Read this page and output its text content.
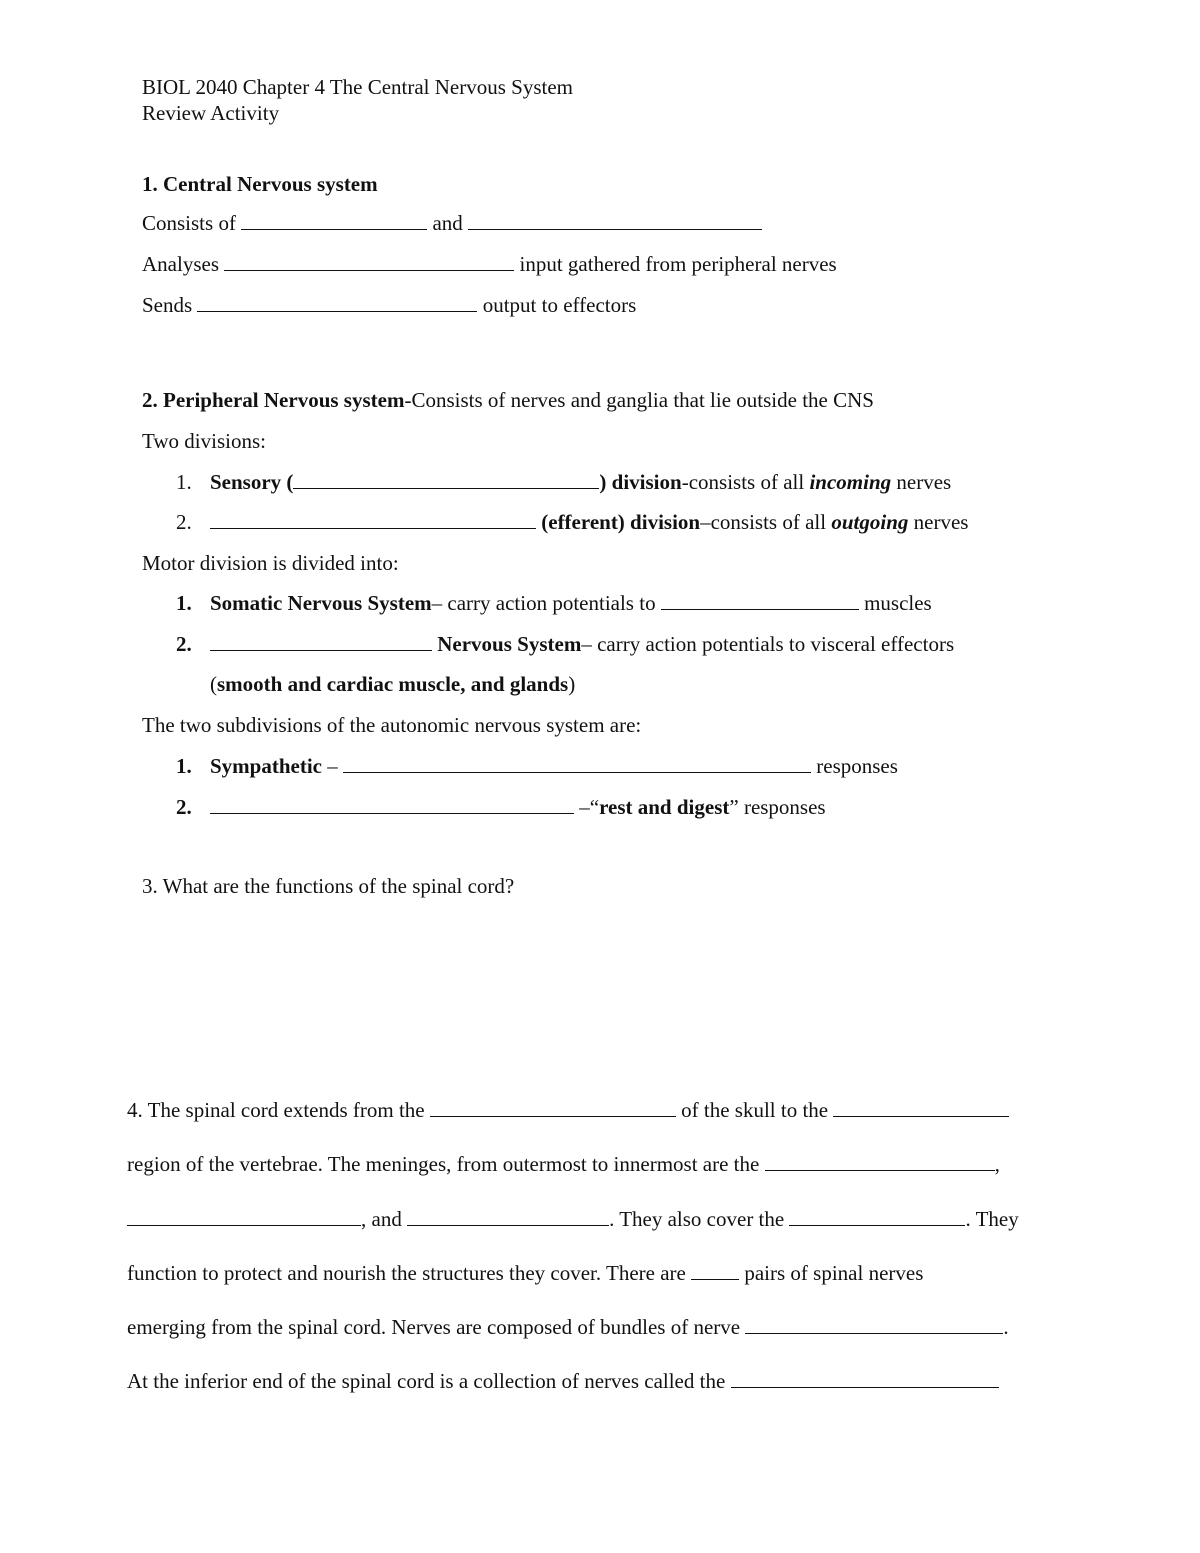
BIOL 2040 Chapter 4 The Central Nervous System
Review Activity
1. Central Nervous system
Consists of	and
Analyses	input gathered from peripheral nerves
Sends	output to effectors
2. Peripheral Nervous system-Consists of nerves and ganglia that lie outside the CNS
Two divisions:
1. Sensory (	) division-consists of all incoming nerves
2.	(efferent) division–consists of all outgoing nerves
Motor division is divided into:
1. Somatic Nervous System– carry action potentials to	muscles
2.	Nervous System– carry action potentials to visceral effectors
(smooth and cardiac muscle, and glands)
The two subdivisions of the autonomic nervous system are:
1. Sympathetic –	responses
2.	–“rest and digest” responses
3. What are the functions of the spinal cord?
4. The spinal cord extends from the	of the skull to the
region of the vertebrae. The meninges, from outermost to innermost are the	,
, and	. They also cover the	. They
function to protect and nourish the structures they cover. There are	pairs of spinal nerves
emerging from the spinal cord. Nerves are composed of bundles of nerve	.
At the inferior end of the spinal cord is a collection of nerves called the
